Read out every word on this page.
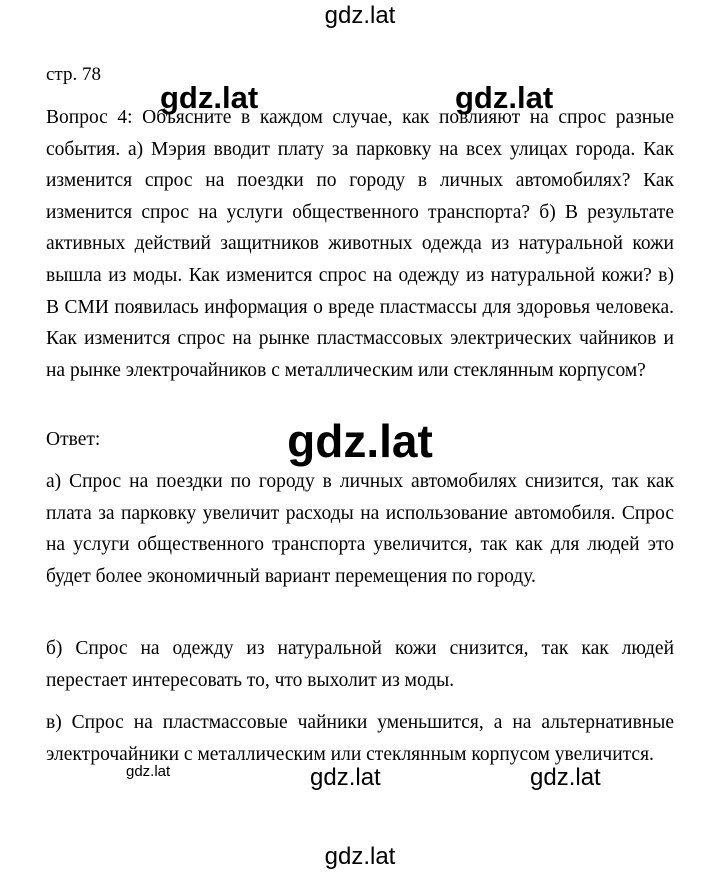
gdz.lat
стр. 78

Вопрос 4: Объясните в каждом случае, как повлияют на спрос разные события. а) Мэрия вводит плату за парковку на всех улицах города. Как изменится спрос на поездки по городу в личных автомобилях? Как изменится спрос на услуги общественного транспорта? б) В результате активных действий защитников животных одежда из натуральной кожи вышла из моды. Как изменится спрос на одежду из натуральной кожи? в) В СМИ появилась информация о вреде пластмассы для здоровья человека. Как изменится спрос на рынке пластмассовых электрических чайников и на рынке электрочайников с металлическим или стеклянным корпусом?

gdz.lat	gdz.lat

Ответ:	gdz.lat

а) Спрос на поездки по городу в личных автомобилях снизится, так как плата за парковку увеличит расходы на использование автомобиля. Спрос на услуги общественного транспорта увеличится, так как для людей это будет более экономичный вариант перемещения по городу.

б) Спрос на одежду из натуральной кожи снизится, так как людей перестает интересовать то, что выхолит из моды.

в) Спрос на пластмассовые чайники уменьшится, а на альтернативные электрочайники с металлическим или стеклянным корпусом увеличится.

gdz.lat	gdz.lat	gdz.lat
gdz.lat
